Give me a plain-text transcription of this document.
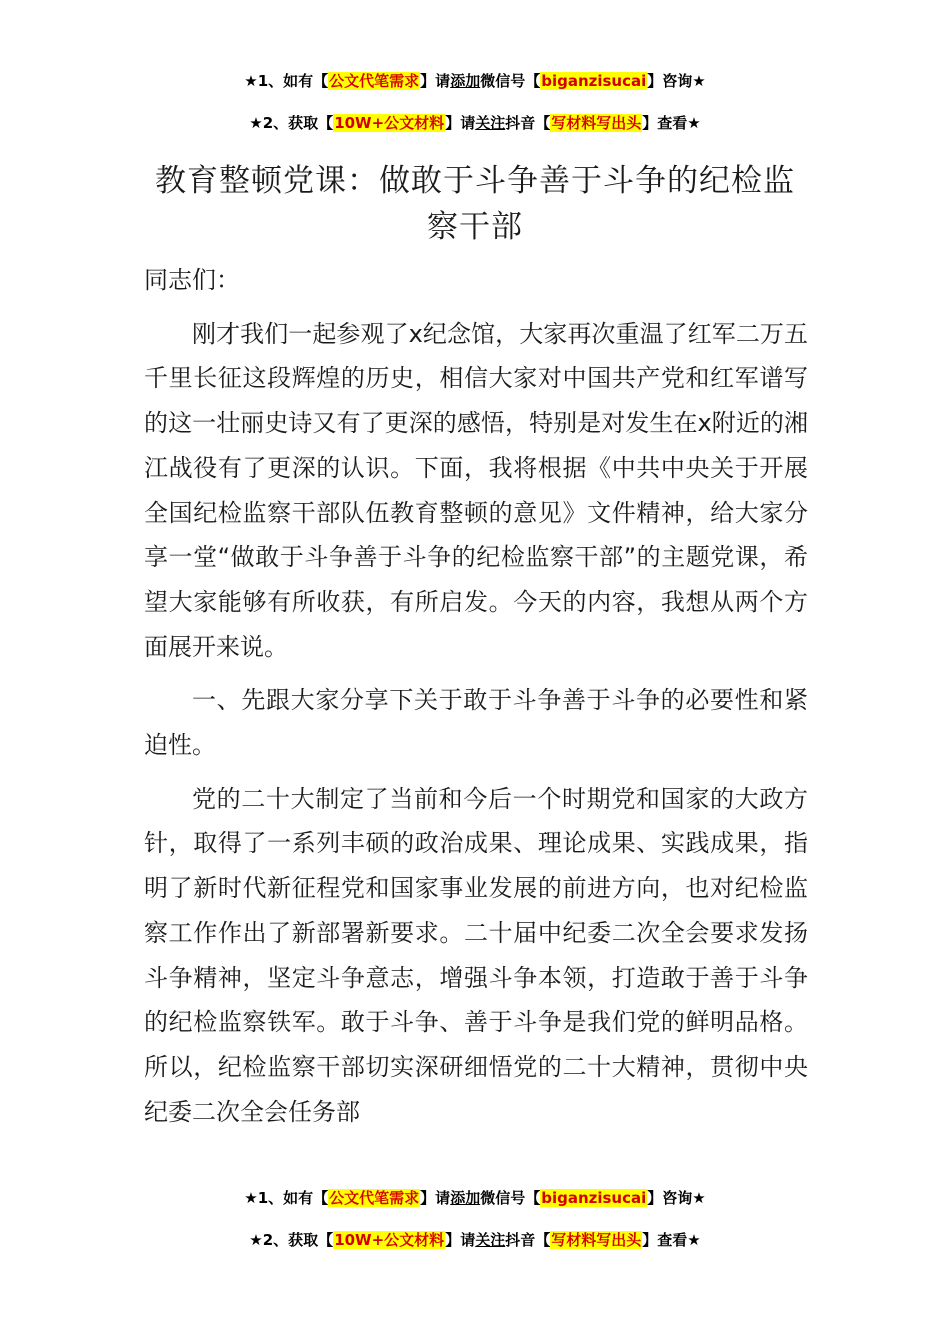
★1、如有【公文代笔需求】请添加微信号【biganzisucai】咨询★
★2、获取【10W+公文材料】请关注抖音【写材料写出头】查看★
教育整顿党课：做敢于斗争善于斗争的纪检监察干部

同志们：

刚才我们一起参观了x纪念馆，大家再次重温了红军二万五千里长征这段辉煌的历史，相信大家对中国共产党和红军谱写的这一壮丽史诗又有了更深的感悟，特别是对发生在x附近的湘江战役有了更深的认识。下面，我将根据《中共中央关于开展全国纪检监察干部队伍教育整顿的意见》文件精神，给大家分享一堂“做敢于斗争善于斗争的纪检监察干部”的主题党课，希望大家能够有所收获，有所启发。今天的内容，我想从两个方面展开来说。

一、先跟大家分享下关于敢于斗争善于斗争的必要性和紧迫性。

党的二十大制定了当前和今后一个时期党和国家的大政方针，取得了一系列丰硕的政治成果、理论成果、实践成果，指明了新时代新征程党和国家事业发展的前进方向，也对纪检监察工作作出了新部署新要求。二十届中纪委二次全会要求发扬斗争精神，坚定斗争意志，增强斗争本领，打造敢于善于斗争的纪检监察铁军。敢于斗争、善于斗争是我们党的鲜明品格。所以，纪检监察干部切实深研细悟党的二十大精神，贯彻中央纪委二次全会任务部

★1、如有【公文代笔需求】请添加微信号【biganzisucai】咨询★
★2、获取【10W+公文材料】请关注抖音【写材料写出头】查看★
